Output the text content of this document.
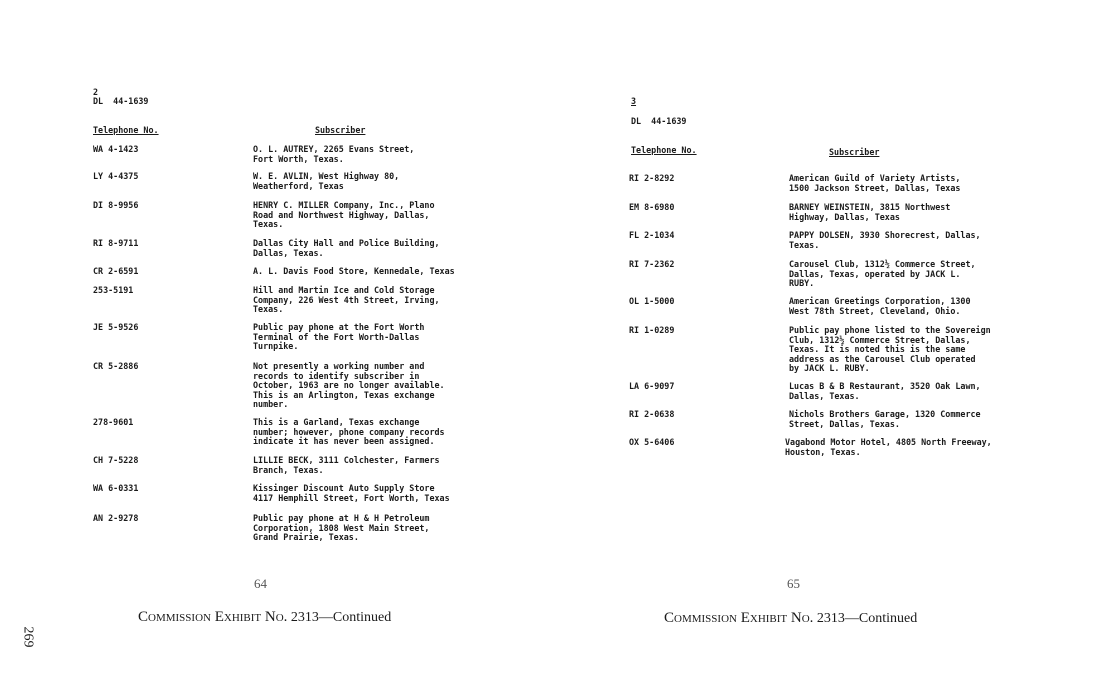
2
DL  44-1639
Telephone No.	Subscriber
WA 4-1423	O. L. AUTREY, 2265 Evans Street,
Fort Worth, Texas.
LY 4-4375	W. E. AVLIN, West Highway 80,
Weatherford, Texas
DI 8-9956	HENRY C. MILLER Company, Inc., Plano
Road and Northwest Highway, Dallas,
Texas.
RI 8-9711	Dallas City Hall and Police Building,
Dallas, Texas.
CR 2-6591	A. L. Davis Food Store, Kennedale, Texas
253-5191	Hill and Martin Ice and Cold Storage
Company, 226 West 4th Street, Irving,
Texas.
JE 5-9526	Public pay phone at the Fort Worth
Terminal of the Fort Worth-Dallas
Turnpike.
CR 5-2886	Not presently a working number and
records to identify subscriber in
October, 1963 are no longer available.
This is an Arlington, Texas exchange
number.
278-9601	This is a Garland, Texas exchange
number; however, phone company records
indicate it has never been assigned.
CH 7-5228	LILLIE BECK, 3111 Colchester, Farmers
Branch, Texas.
WA 6-0331	Kissinger Discount Auto Supply Store
4117 Hemphill Street, Fort Worth, Texas
AN 2-9278	Public pay phone at H & H Petroleum
Corporation, 1808 West Main Street,
Grand Prairie, Texas.
64
Commission Exhibit No. 2313—Continued
3
DL  44-1639
Telephone No.	Subscriber
RI 2-8292	American Guild of Variety Artists,
1500 Jackson Street, Dallas, Texas
EM 8-6980	BARNEY WEINSTEIN, 3815 Northwest
Highway, Dallas, Texas
FL 2-1034	PAPPY DOLSEN, 3930 Shorecrest, Dallas,
Texas.
RI 7-2362	Carousel Club, 1312½ Commerce Street,
Dallas, Texas, operated by JACK L.
RUBY.
OL 1-5000	American Greetings Corporation, 1300
West 78th Street, Cleveland, Ohio.
RI 1-0289	Public pay phone listed to the Sovereign
Club, 1312½ Commerce Street, Dallas,
Texas. It is noted this is the same
address as the Carousel Club operated
by JACK L. RUBY.
LA 6-9097	Lucas B & B Restaurant, 3520 Oak Lawn,
Dallas, Texas.
RI 2-0638	Nichols Brothers Garage, 1320 Commerce
Street, Dallas, Texas.
OX 5-6406	Vagabond Motor Hotel, 4805 North Freeway,
Houston, Texas.
65
Commission Exhibit No. 2313—Continued
269
